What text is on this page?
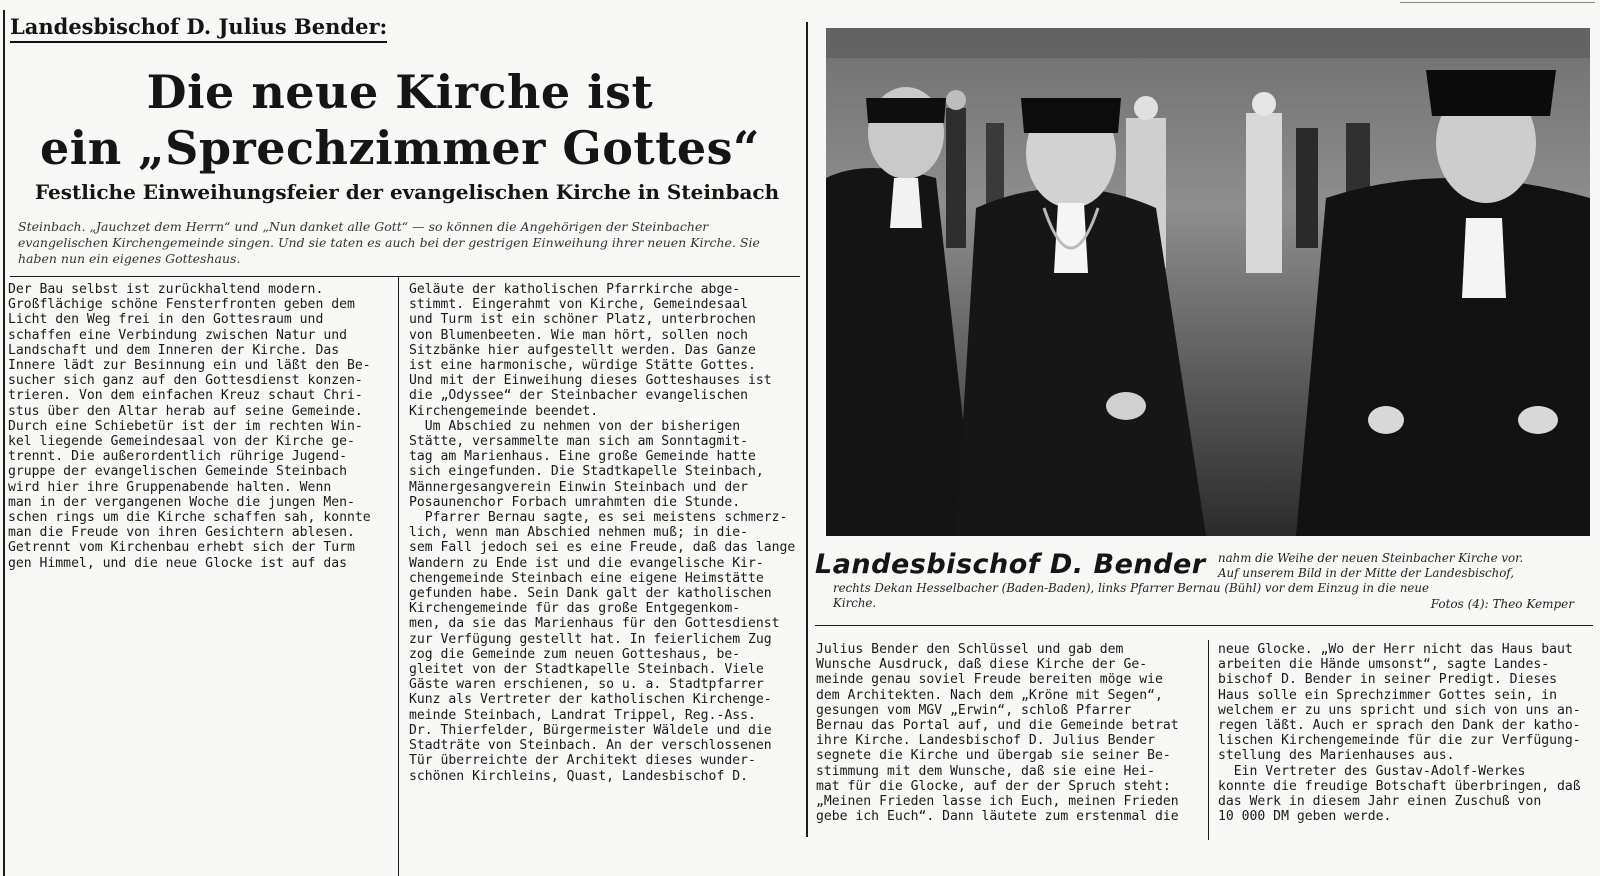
Landesbischof D. Julius Bender:
Die neue Kirche ist
ein „Sprechzimmer Gottes“
Festliche Einweihungsfeier der evangelischen Kirche in Steinbach
Steinbach. „Jauchzet dem Herrn“ und „Nun danket alle Gott“ — so können die Angehörigen der Steinbacher evangelischen Kirchengemeinde singen. Und sie taten es auch bei der gestrigen Einweihung ihrer neuen Kirche. Sie haben nun ein eigenes Gotteshaus.
Der Bau selbst ist zurückhaltend modern.
Großflächige schöne Fensterfronten geben dem
Licht den Weg frei in den Gottesraum und
schaffen eine Verbindung zwischen Natur und
Landschaft und dem Inneren der Kirche. Das
Innere lädt zur Besinnung ein und läßt den Be-
sucher sich ganz auf den Gottesdienst konzen-
trieren. Von dem einfachen Kreuz schaut Chri-
stus über den Altar herab auf seine Gemeinde.
Durch eine Schiebetür ist der im rechten Win-
kel liegende Gemeindesaal von der Kirche ge-
trennt. Die außerordentlich rührige Jugend-
gruppe der evangelischen Gemeinde Steinbach
wird hier ihre Gruppenabende halten. Wenn
man in der vergangenen Woche die jungen Men-
schen rings um die Kirche schaffen sah, konnte
man die Freude von ihren Gesichtern ablesen.
Getrennt vom Kirchenbau erhebt sich der Turm
gen Himmel, und die neue Glocke ist auf das
Geläute der katholischen Pfarrkirche abge-
stimmt. Eingerahmt von Kirche, Gemeindesaal
und Turm ist ein schöner Platz, unterbrochen
von Blumenbeeten. Wie man hört, sollen noch
Sitzbänke hier aufgestellt werden. Das Ganze
ist eine harmonische, würdige Stätte Gottes.
Und mit der Einweihung dieses Gotteshauses ist
die „Odyssee“ der Steinbacher evangelischen
Kirchengemeinde beendet.
Um Abschied zu nehmen von der bisherigen
Stätte, versammelte man sich am Sonntagmit-
tag am Marienhaus. Eine große Gemeinde hatte
sich eingefunden. Die Stadtkapelle Steinbach,
Männergesangverein Einwin Steinbach und der
Posaunenchor Forbach umrahmten die Stunde.
Pfarrer Bernau sagte, es sei meistens schmerz-
lich, wenn man Abschied nehmen muß; in die-
sem Fall jedoch sei es eine Freude, daß das lange
Wandern zu Ende ist und die evangelische Kir-
chengemeinde Steinbach eine eigene Heimstätte
gefunden habe. Sein Dank galt der katholischen
Kirchengemeinde für das große Entgegenkom-
men, da sie das Marienhaus für den Gottesdienst
zur Verfügung gestellt hat. In feierlichem Zug
zog die Gemeinde zum neuen Gotteshaus, be-
gleitet von der Stadtkapelle Steinbach. Viele
Gäste waren erschienen, so u. a. Stadtpfarrer
Kunz als Vertreter der katholischen Kirchenge-
meinde Steinbach, Landrat Trippel, Reg.-Ass.
Dr. Thierfelder, Bürgermeister Wäldele und die
Stadträte von Steinbach. An der verschlossenen
Tür überreichte der Architekt dieses wunder-
schönen Kirchleins, Quast, Landesbischof D.
Julius Bender den Schlüssel und gab dem
Wunsche Ausdruck, daß diese Kirche der Ge-
meinde genau soviel Freude bereiten möge wie
dem Architekten. Nach dem „Kröne mit Segen“,
gesungen vom MGV „Erwin“, schloß Pfarrer
Bernau das Portal auf, und die Gemeinde betrat
ihre Kirche. Landesbischof D. Julius Bender
segnete die Kirche und übergab sie seiner Be-
stimmung mit dem Wunsche, daß sie eine Hei-
mat für die Glocke, auf der der Spruch steht:
„Meinen Frieden lasse ich Euch, meinen Frieden
gebe ich Euch“. Dann läutete zum erstenmal die
neue Glocke. „Wo der Herr nicht das Haus baut
arbeiten die Hände umsonst“, sagte Landes-
bischof D. Bender in seiner Predigt. Dieses
Haus solle ein Sprechzimmer Gottes sein, in
welchem er zu uns spricht und sich von uns an-
regen läßt. Auch er sprach den Dank der katho-
lischen Kirchengemeinde für die zur Verfügung-
stellung des Marienhauses aus.
Ein Vertreter des Gustav-Adolf-Werkes
konnte die freudige Botschaft überbringen, daß
das Werk in diesem Jahr einen Zuschuß von
10 000 DM geben werde.
Landesbischof D. Bender nahm die Weihe der neuen Steinbacher Kirche vor.
Auf unserem Bild in der Mitte der Landesbischof,
rechts Dekan Hesselbacher (Baden-Baden), links Pfarrer Bernau (Bühl) vor dem Einzug in die neue
Kirche.	Fotos (4): Theo Kemper
